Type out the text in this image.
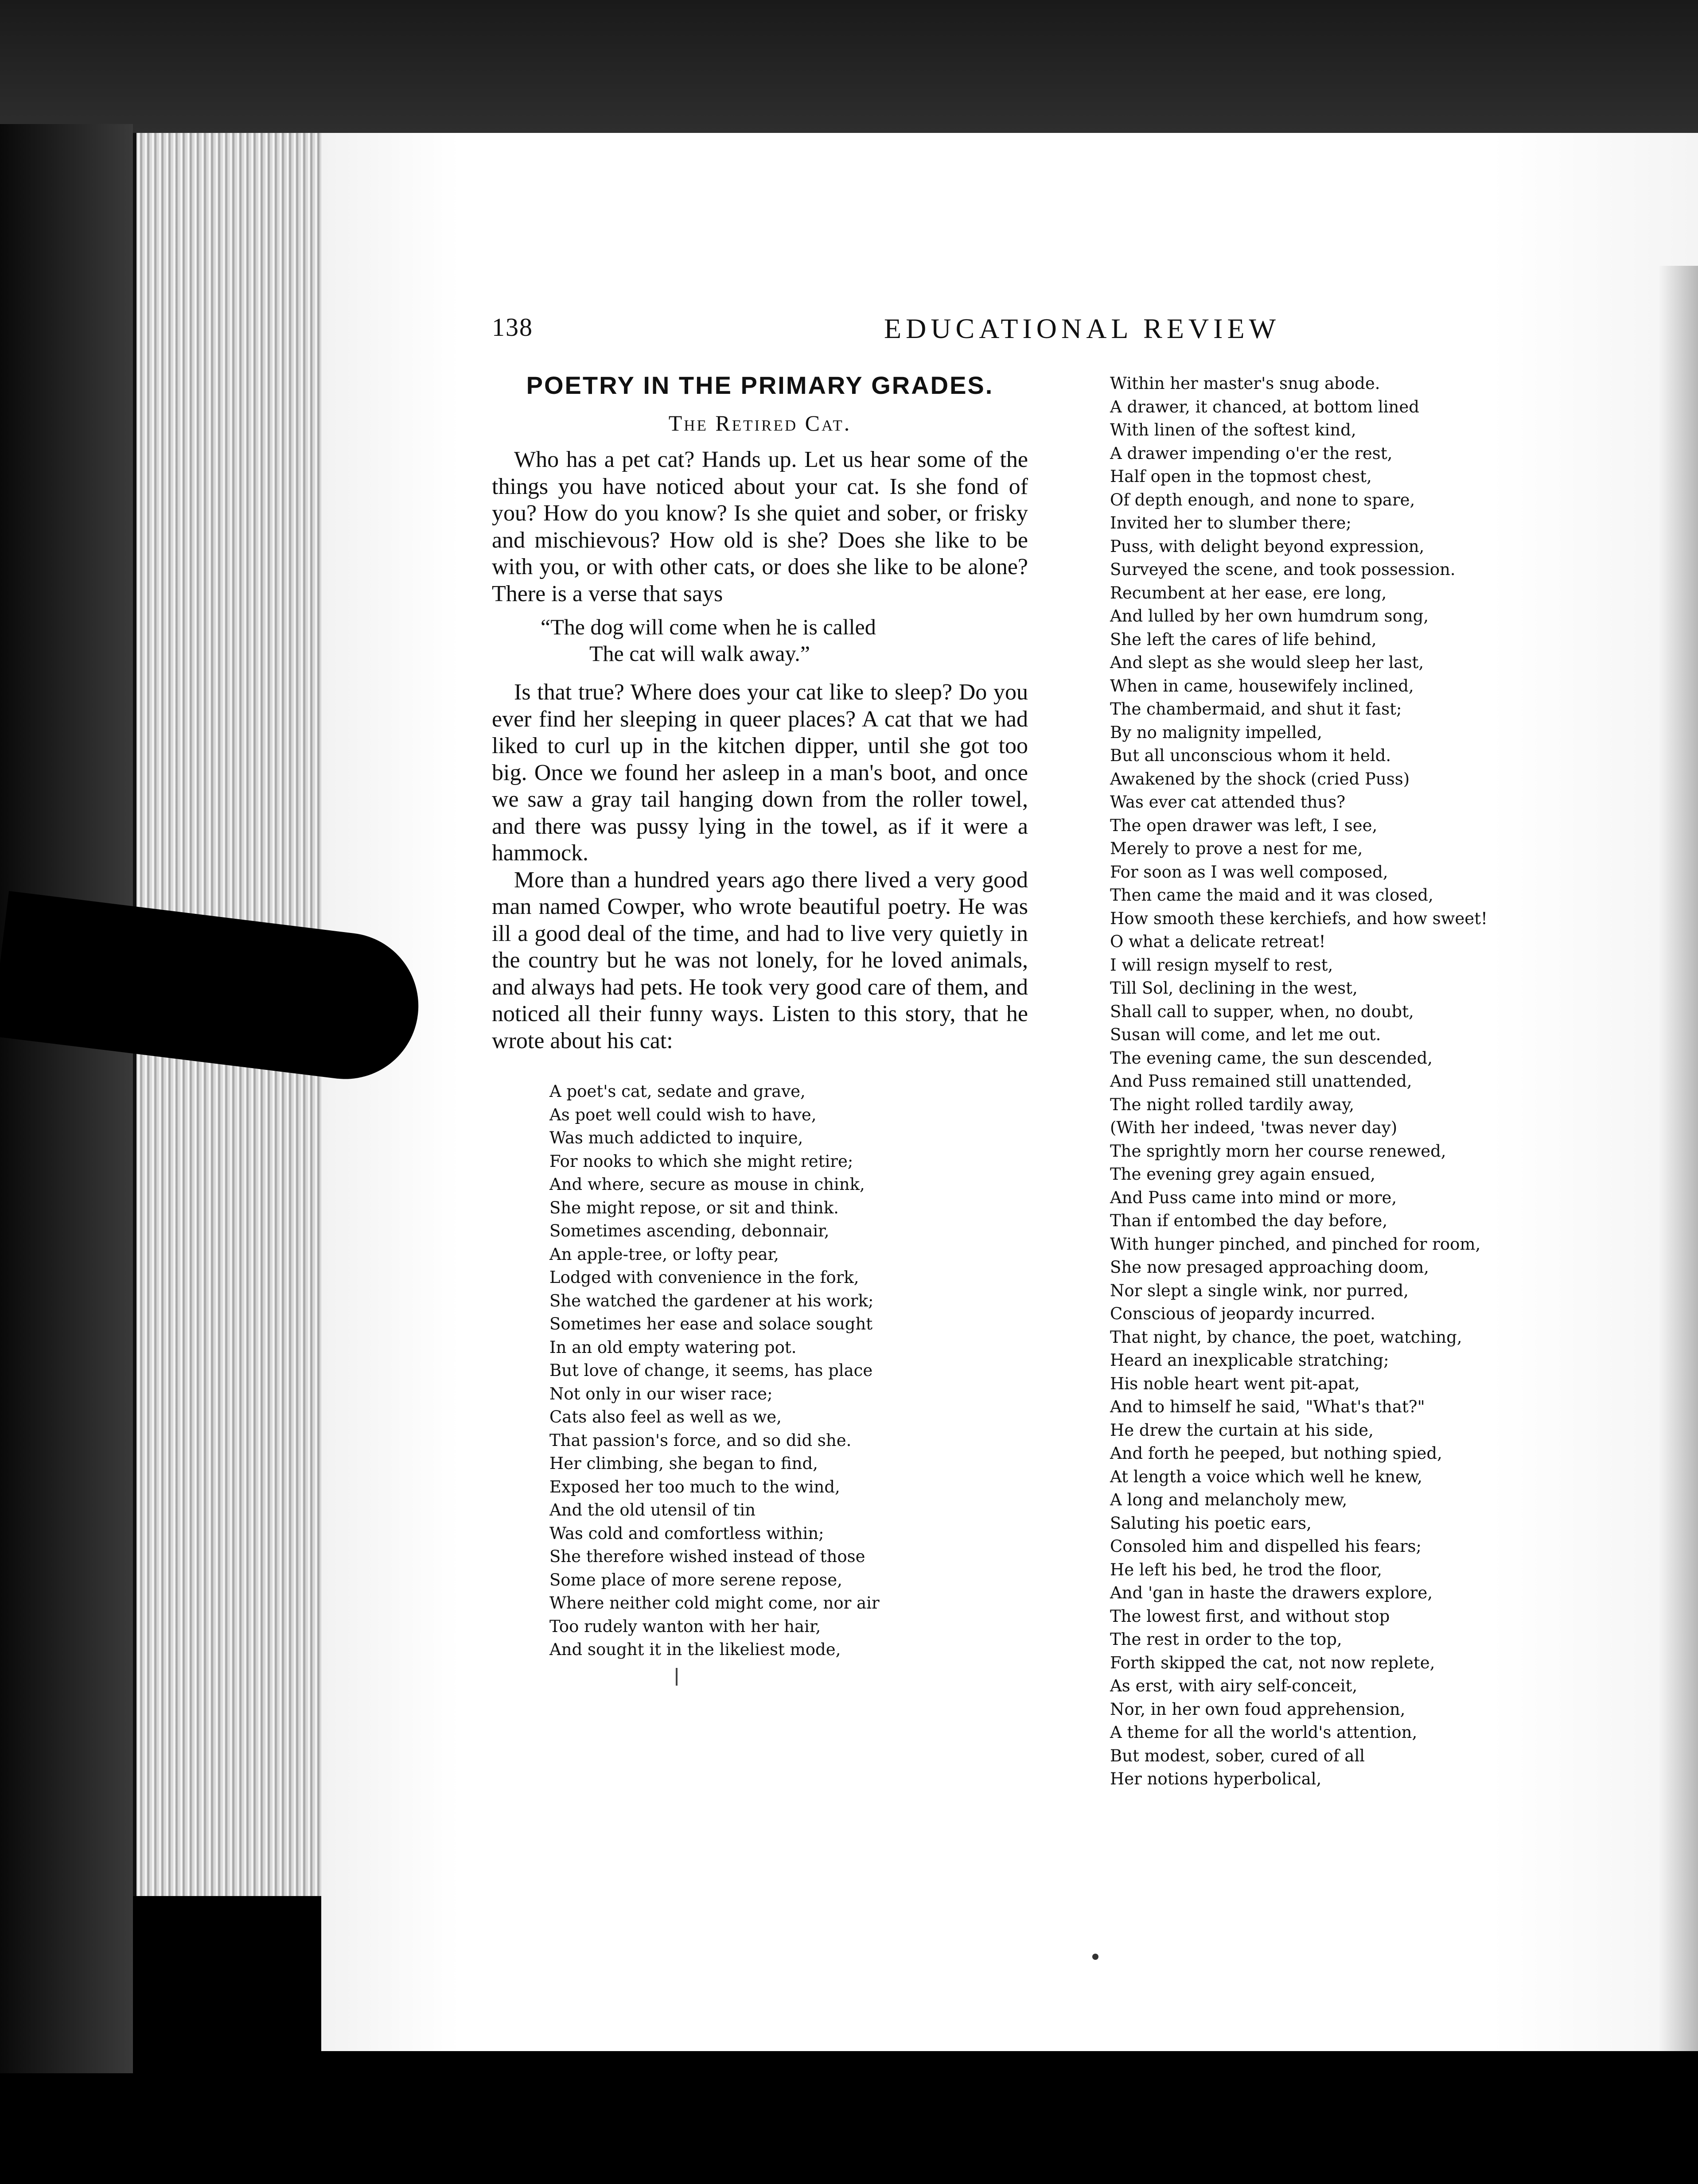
138	EDUCATIONAL REVIEW
POETRY IN THE PRIMARY GRADES.
The Retired Cat.

Who has a pet cat? Hands up. Let us hear some of the things you have noticed about your cat. Is she fond of you? How do you know? Is she quiet and sober, or frisky and mischievous? How old is she? Does she like to be with you, or with other cats, or does she like to be alone? There is a verse that says

“The dog will come when he is called
The cat will walk away.”

Is that true? Where does your cat like to sleep? Do you ever find her sleeping in queer places? A cat that we had liked to curl up in the kitchen dipper, until she got too big. Once we found her asleep in a man's boot, and once we saw a gray tail hanging down from the roller towel, and there was pussy lying in the towel, as if it were a hammock.

More than a hundred years ago there lived a very good man named Cowper, who wrote beautiful poetry. He was ill a good deal of the time, and had to live very quietly in the country but he was not lonely, for he loved animals, and always had pets. He took very good care of them, and noticed all their funny ways. Listen to this story, that he wrote about his cat:

A poet's cat, sedate and grave,
As poet well could wish to have,
Was much addicted to inquire,
For nooks to which she might retire;
And where, secure as mouse in chink,
She might repose, or sit and think.
Sometimes ascending, debonnair,
An apple-tree, or lofty pear,
Lodged with convenience in the fork,
She watched the gardener at his work;
Sometimes her ease and solace sought
In an old empty watering pot.
But love of change, it seems, has place
Not only in our wiser race;
Cats also feel as well as we,
That passion's force, and so did she.
Her climbing, she began to find,
Exposed her too much to the wind,
And the old utensil of tin
Was cold and comfortless within;
She therefore wished instead of those
Some place of more serene repose,
Where neither cold might come, nor air
Too rudely wanton with her hair,
And sought it in the likeliest mode,
Within her master's snug abode.
A drawer, it chanced, at bottom lined
With linen of the softest kind,
A drawer impending o'er the rest,
Half open in the topmost chest,
Of depth enough, and none to spare,
Invited her to slumber there;
Puss, with delight beyond expression,
Surveyed the scene, and took possession.
Recumbent at her ease, ere long,
And lulled by her own humdrum song,
She left the cares of life behind,
And slept as she would sleep her last,
When in came, housewifely inclined,
The chambermaid, and shut it fast;
By no malignity impelled,
But all unconscious whom it held.
Awakened by the shock (cried Puss)
Was ever cat attended thus?
The open drawer was left, I see,
Merely to prove a nest for me,
For soon as I was well composed,
Then came the maid and it was closed,
How smooth these kerchiefs, and how sweet!
O what a delicate retreat!
I will resign myself to rest,
Till Sol, declining in the west,
Shall call to supper, when, no doubt,
Susan will come, and let me out.
The evening came, the sun descended,
And Puss remained still unattended,
The night rolled tardily away,
(With her indeed, 'twas never day)
The sprightly morn her course renewed,
The evening grey again ensued,
And Puss came into mind or more,
Than if entombed the day before,
With hunger pinched, and pinched for room,
She now presaged approaching doom,
Nor slept a single wink, nor purred,
Conscious of jeopardy incurred.
That night, by chance, the poet, watching,
Heard an inexplicable stratching;
His noble heart went pit-apat,
And to himself he said, "What's that?"
He drew the curtain at his side,
And forth he peeped, but nothing spied,
At length a voice which well he knew,
A long and melancholy mew,
Saluting his poetic ears,
Consoled him and dispelled his fears;
He left his bed, he trod the floor,
And 'gan in haste the drawers explore,
The lowest first, and without stop
The rest in order to the top,
Forth skipped the cat, not now replete,
As erst, with airy self-conceit,
Nor, in her own foud apprehension,
A theme for all the world's attention,
But modest, sober, cured of all
Her notions hyperbolical,
